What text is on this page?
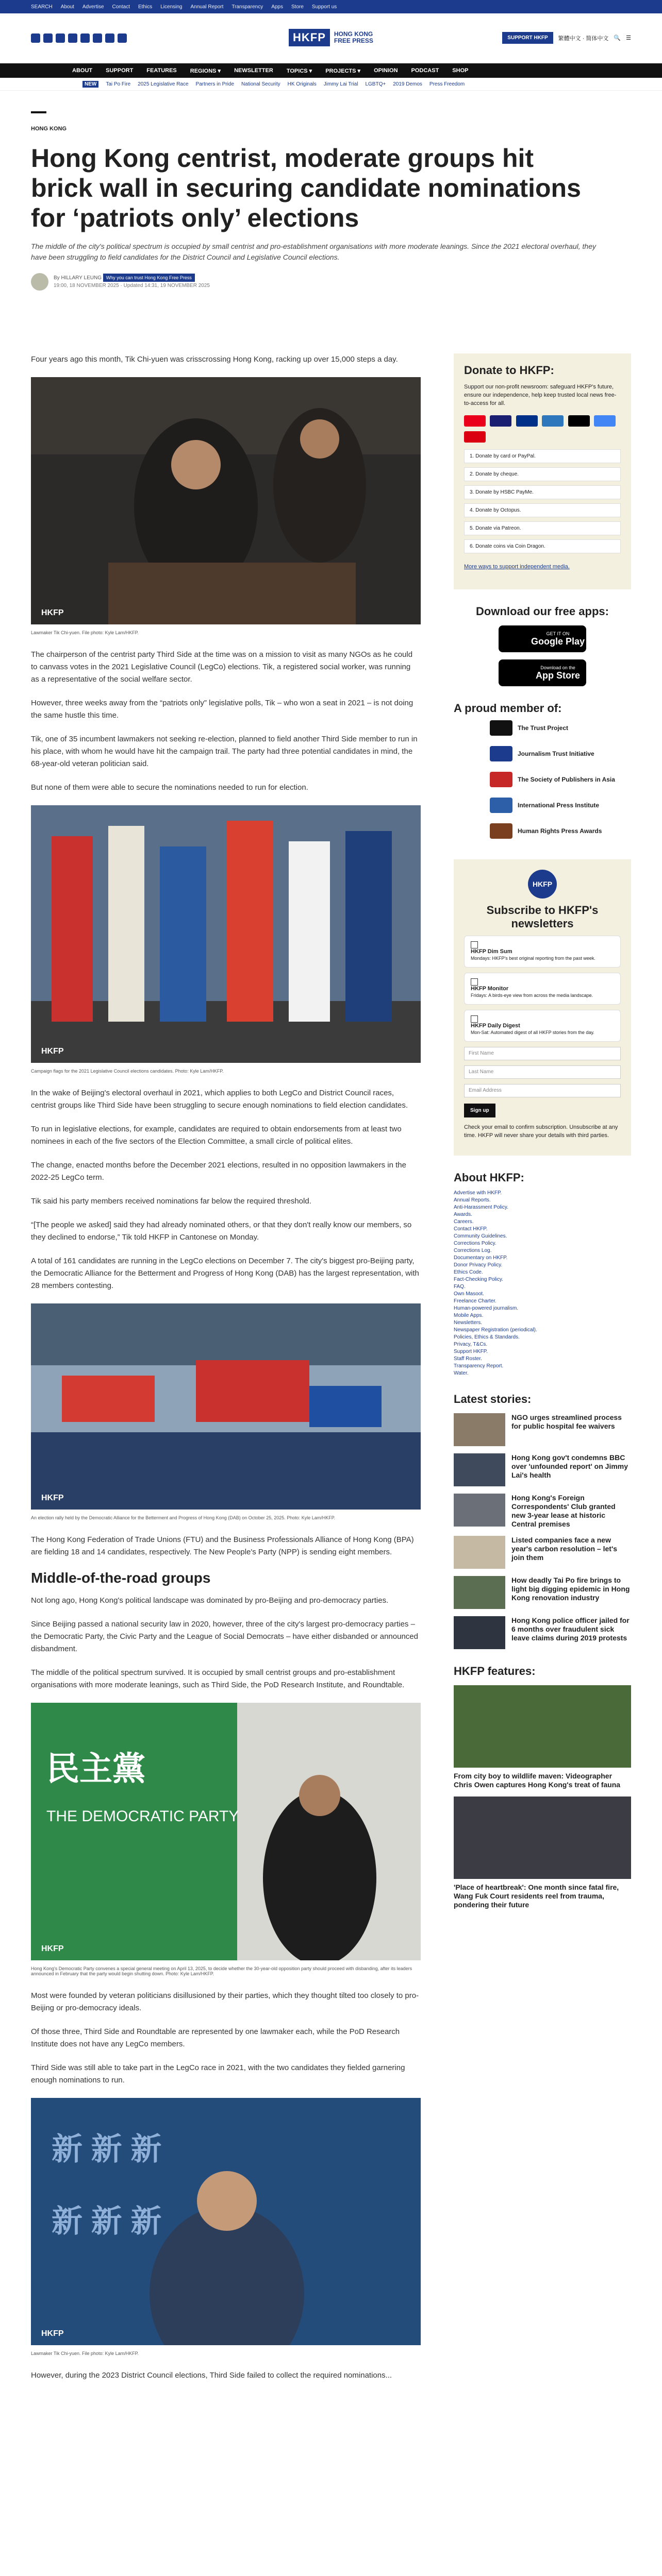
SEARCH About Advertise Contact Ethics Licensing Annual Report Transparency Apps Store Support us
HKFP	HONG KONG FREE PRESS	SUPPORT HKFP	繁體中文 · 简体中文 🔍 ☰
ABOUT SUPPORT FEATURES REGIONS ▾ NEWSLETTER TOPICS ▾ PROJECTS ▾ OPINION PODCAST SHOP
NEW	Tai Po Fire 2025 Legislative Race Partners in Pride National Security HK Originals Jimmy Lai Trial LGBTQ+ 2019 Demos Press Freedom
HONG KONG
Hong Kong centrist, moderate groups hit brick wall in securing candidate nominations for ‘patriots only’ elections
The middle of the city's political spectrum is occupied by small centrist and pro-establishment organisations with more moderate leanings. Since the 2021 electoral overhaul, they have been struggling to field candidates for the District Council and Legislative Council elections.
By HILLARY LEUNG Why you can trust Hong Kong Free Press
19:00, 18 NOVEMBER 2025 · Updated 14:31, 19 NOVEMBER 2025

Four years ago this month, Tik Chi-yuen was crisscrossing Hong Kong, racking up over 15,000 steps a day.

HKFP
Lawmaker Tik Chi-yuen. File photo: Kyle Lam/HKFP.

The chairperson of the centrist party Third Side at the time was on a mission to visit as many NGOs as he could to canvass votes in the 2021 Legislative Council (LegCo) elections. Tik, a registered social worker, was running as a representative of the social welfare sector.

However, three weeks away from the “patriots only” legislative polls, Tik – who won a seat in 2021 – is not doing the same hustle this time.

Tik, one of 35 incumbent lawmakers not seeking re-election, planned to field another Third Side member to run in his place, with whom he would have hit the campaign trail. The party had three potential candidates in mind, the 68-year-old veteran politician said.

But none of them were able to secure the nominations needed to run for election.

HKFP
Campaign flags for the 2021 Legislative Council elections candidates. Photo: Kyle Lam/HKFP.

In the wake of Beijing's electoral overhaul in 2021, which applies to both LegCo and District Council races, centrist groups like Third Side have been struggling to secure enough nominations to field election candidates.

To run in legislative elections, for example, candidates are required to obtain endorsements from at least two nominees in each of the five sectors of the Election Committee, a small circle of political elites.

The change, enacted months before the December 2021 elections, resulted in no opposition lawmakers in the 2022-25 LegCo term.

Tik said his party members received nominations far below the required threshold.

“[The people we asked] said they had already nominated others, or that they don't really know our members, so they declined to endorse,” Tik told HKFP in Cantonese on Monday.

A total of 161 candidates are running in the LegCo elections on December 7. The city's biggest pro-Beijing party, the Democratic Alliance for the Betterment and Progress of Hong Kong (DAB) has the largest representation, with 28 members contesting.

HKFP
An election rally held by the Democratic Alliance for the Betterment and Progress of Hong Kong (DAB) on October 25, 2025. Photo: Kyle Lam/HKFP.

The Hong Kong Federation of Trade Unions (FTU) and the Business Professionals Alliance of Hong Kong (BPA) are fielding 18 and 14 candidates, respectively. The New People's Party (NPP) is sending eight members.

Middle-of-the-road groups

Not long ago, Hong Kong's political landscape was dominated by pro-Beijing and pro-democracy parties.

Since Beijing passed a national security law in 2020, however, three of the city's largest pro-democracy parties – the Democratic Party, the Civic Party and the League of Social Democrats – have either disbanded or announced disbandment.

The middle of the political spectrum survived. It is occupied by small centrist groups and pro-establishment organisations with more moderate leanings, such as Third Side, the PoD Research Institute, and Roundtable.

民主黨
THE DEMOCRATIC PARTY
HKFP
Hong Kong's Democratic Party convenes a special general meeting on April 13, 2025, to decide whether the 30-year-old opposition party should proceed with disbanding, after its leaders announced in February that the party would begin shutting down. Photo: Kyle Lam/HKFP.

Most were founded by veteran politicians disillusioned by their parties, which they thought tilted too closely to pro-Beijing or pro-democracy ideals.

Of those three, Third Side and Roundtable are represented by one lawmaker each, while the PoD Research Institute does not have any LegCo members.

Third Side was still able to take part in the LegCo race in 2021, with the two candidates they fielded garnering enough nominations to run.

新 新 新
新 新 新
HKFP
Lawmaker Tik Chi-yuen. File photo: Kyle Lam/HKFP.

However, during the 2023 District Council elections, Third Side failed to collect the required nominations...

Donate to HKFP:

Support our non-profit newsroom: safeguard HKFP's future, ensure our independence, help keep trusted local news free-to-access for all.

1. Donate by card or PayPal.
2. Donate by cheque.
3. Donate by HSBC PayMe.
4. Donate by Octopus.
5. Donate via Patreon.
6. Donate coins via Coin Dragon.

More ways to support independent media.

Download our free apps:
GET IT ON
Google Play
Download on the
App Store
A proud member of:
The Trust Project
Journalism Trust Initiative
The Society of Publishers in Asia
International Press Institute
Human Rights Press Awards
HKFP
Subscribe to HKFP's newsletters
HKFP Dim Sum
Mondays: HKFP's best original reporting from the past week.
HKFP Monitor
Fridays: A birds-eye view from across the media landscape.
HKFP Daily Digest
Mon-Sat: Automated digest of all HKFP stories from the day.
First Name
Last Name
Email Address
Sign up

Check your email to confirm subscription. Unsubscribe at any time. HKFP will never share your details with third parties.

About HKFP:
Advertise with HKFP.
Annual Reports.
Anti-Harassment Policy.
Awards.
Careers.
Contact HKFP.
Community Guidelines.
Corrections Policy.
Corrections Log.
Documentary on HKFP.
Donor Privacy Policy.
Ethics Code.
Fact-Checking Policy.
FAQ.
Own Masoot.
Freelance Charter.
Human-powered journalism.
Mobile Apps.
Newsletters.
Newspaper Registration (periodical).
Policies, Ethics & Standards.
Privacy, T&Cs.
Support HKFP.
Staff Roster.
Transparency Report.
Water.
Latest stories:
NGO urges streamlined process for public hospital fee waivers
Hong Kong gov't condemns BBC over 'unfounded report' on Jimmy Lai's health
Hong Kong's Foreign Correspondents' Club granted new 3-year lease at historic Central premises
Listed companies face a new year's carbon resolution – let's join them
How deadly Tai Po fire brings to light big digging epidemic in Hong Kong renovation industry
Hong Kong police officer jailed for 6 months over fraudulent sick leave claims during 2019 protests
HKFP features:
From city boy to wildlife maven: Videographer Chris Owen captures Hong Kong's treat of fauna
'Place of heartbreak': One month since fatal fire, Wang Fuk Court residents reel from trauma, pondering their future
